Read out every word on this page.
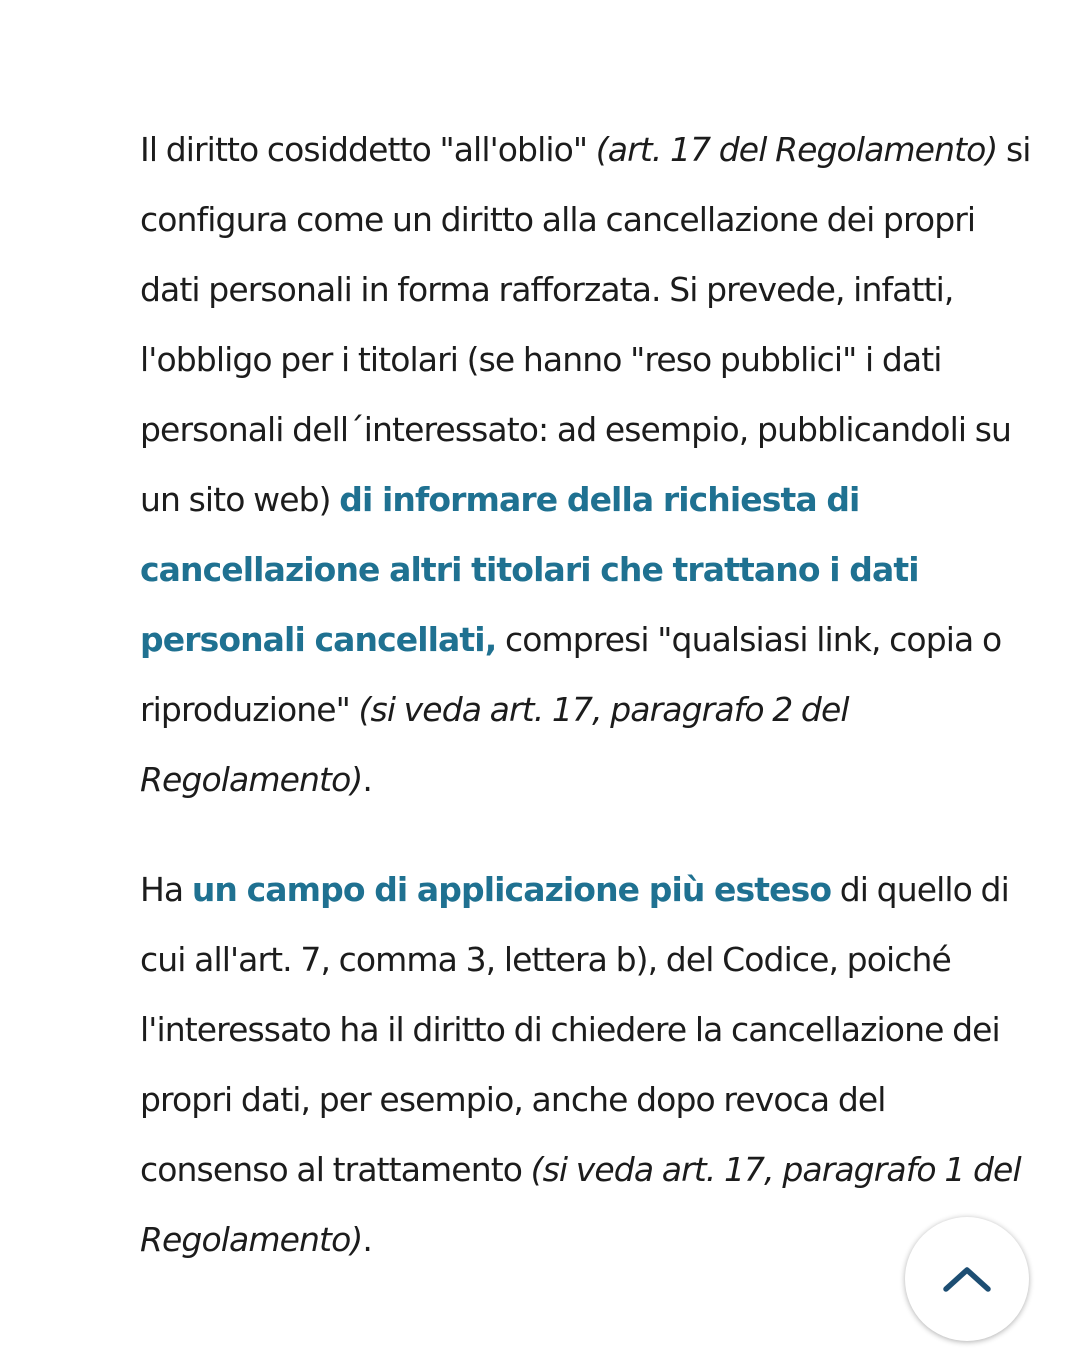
Il diritto cosiddetto "all'oblio" (art. 17 del Regolamento) si configura come un diritto alla cancellazione dei propri dati personali in forma rafforzata. Si prevede, infatti, l'obbligo per i titolari (se hanno "reso pubblici" i dati personali dell´interessato: ad esempio, pubblicandoli su un sito web) di informare della richiesta di cancellazione altri titolari che trattano i dati personali cancellati, compresi "qualsiasi link, copia o riproduzione" (si veda art. 17, paragrafo 2 del Regolamento).

Ha un campo di applicazione più esteso di quello di cui all'art. 7, comma 3, lettera b), del Codice, poiché l'interessato ha il diritto di chiedere la cancellazione dei propri dati, per esempio, anche dopo revoca del consenso al trattamento (si veda art. 17, paragrafo 1 del Regolamento).
